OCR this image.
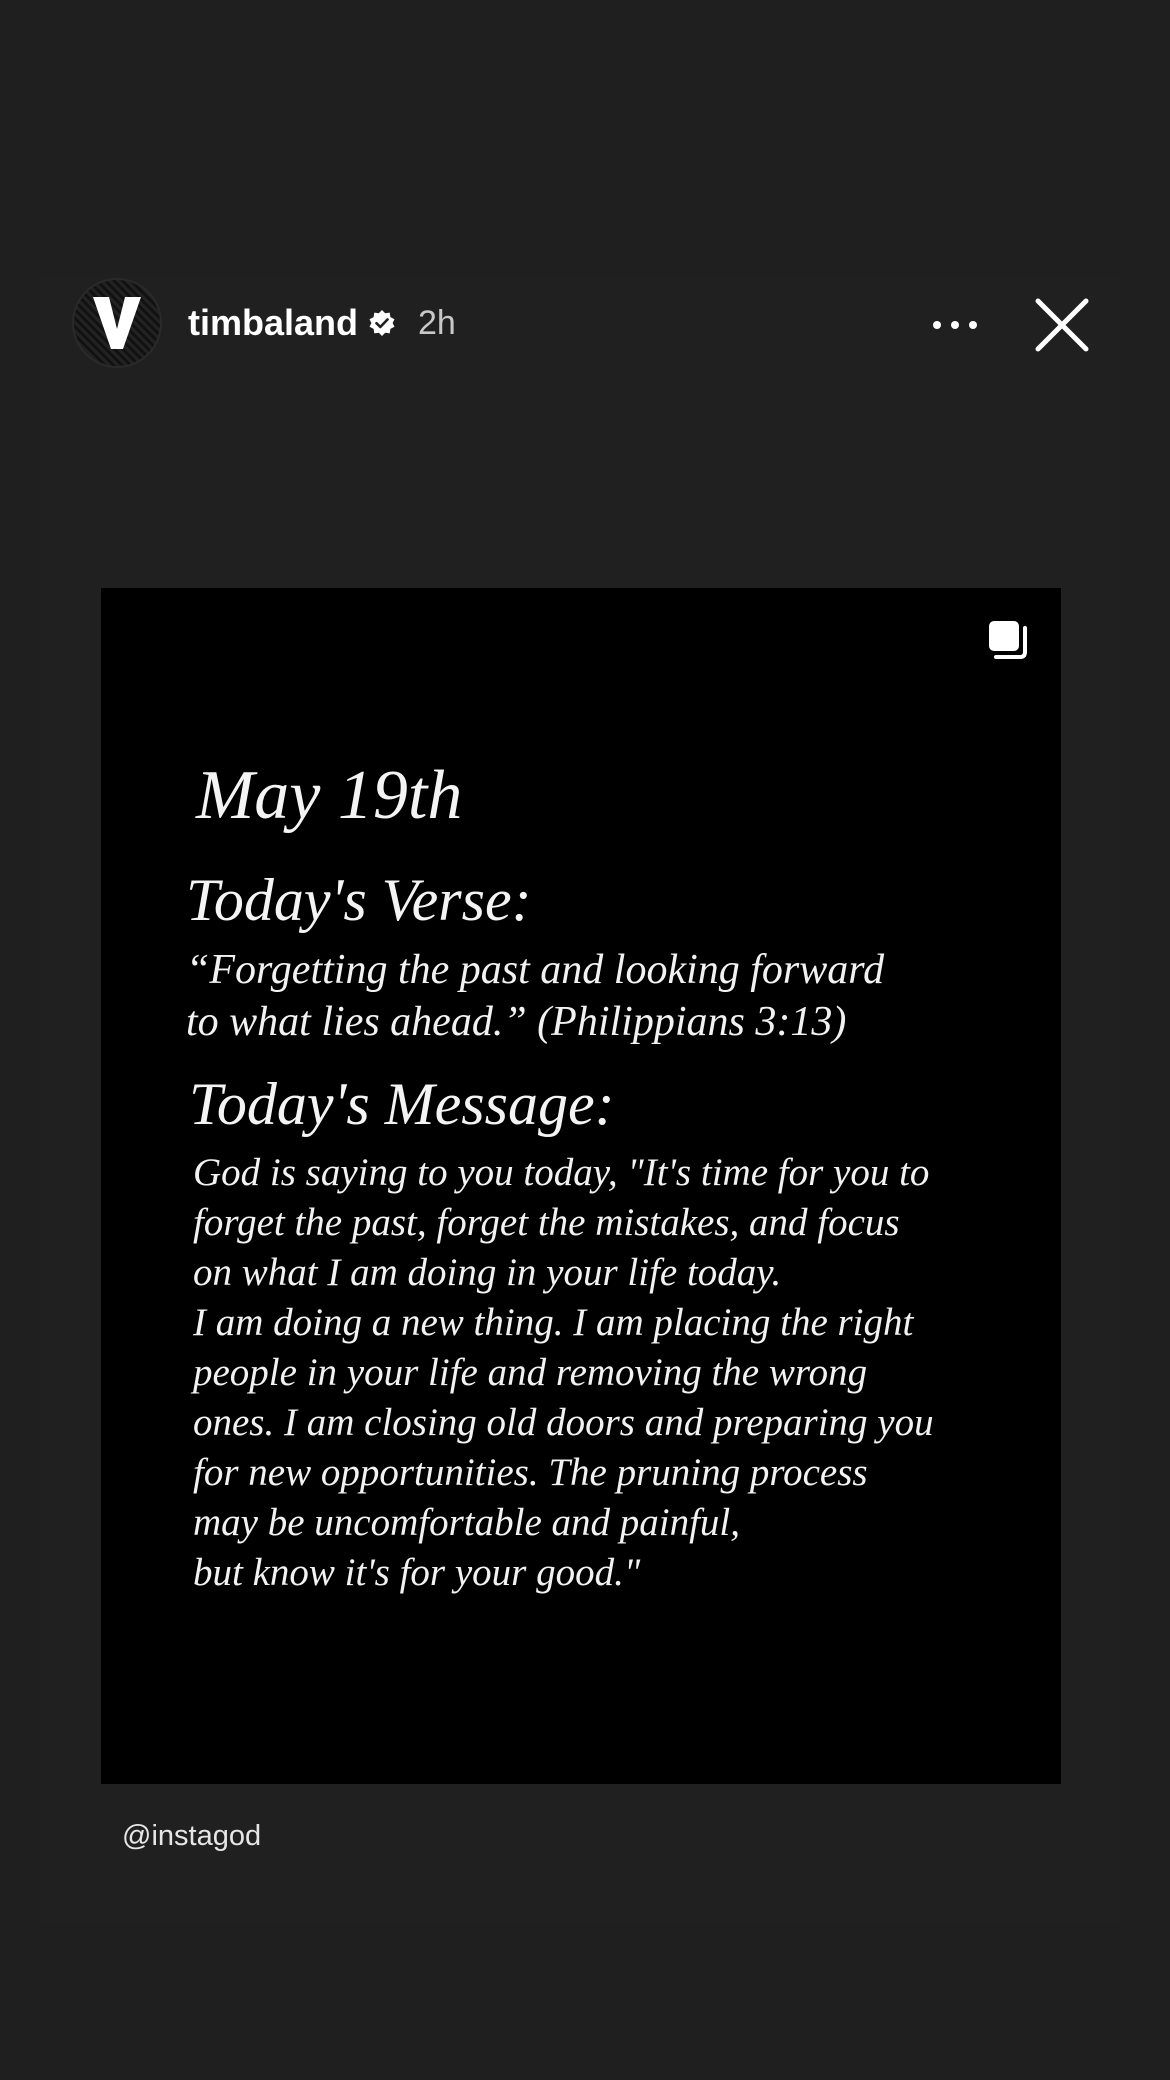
timbaland 2h
May 19th
Today's Verse:
“Forgetting the past and looking forward
to what lies ahead.” (Philippians 3:13)
Today's Message:
God is saying to you today, "It's time for you to
forget the past, forget the mistakes, and focus
on what I am doing in your life today.
I am doing a new thing. I am placing the right
people in your life and removing the wrong
ones. I am closing old doors and preparing you
for new opportunities. The pruning process
may be uncomfortable and painful,
but know it's for your good."
@instagod
